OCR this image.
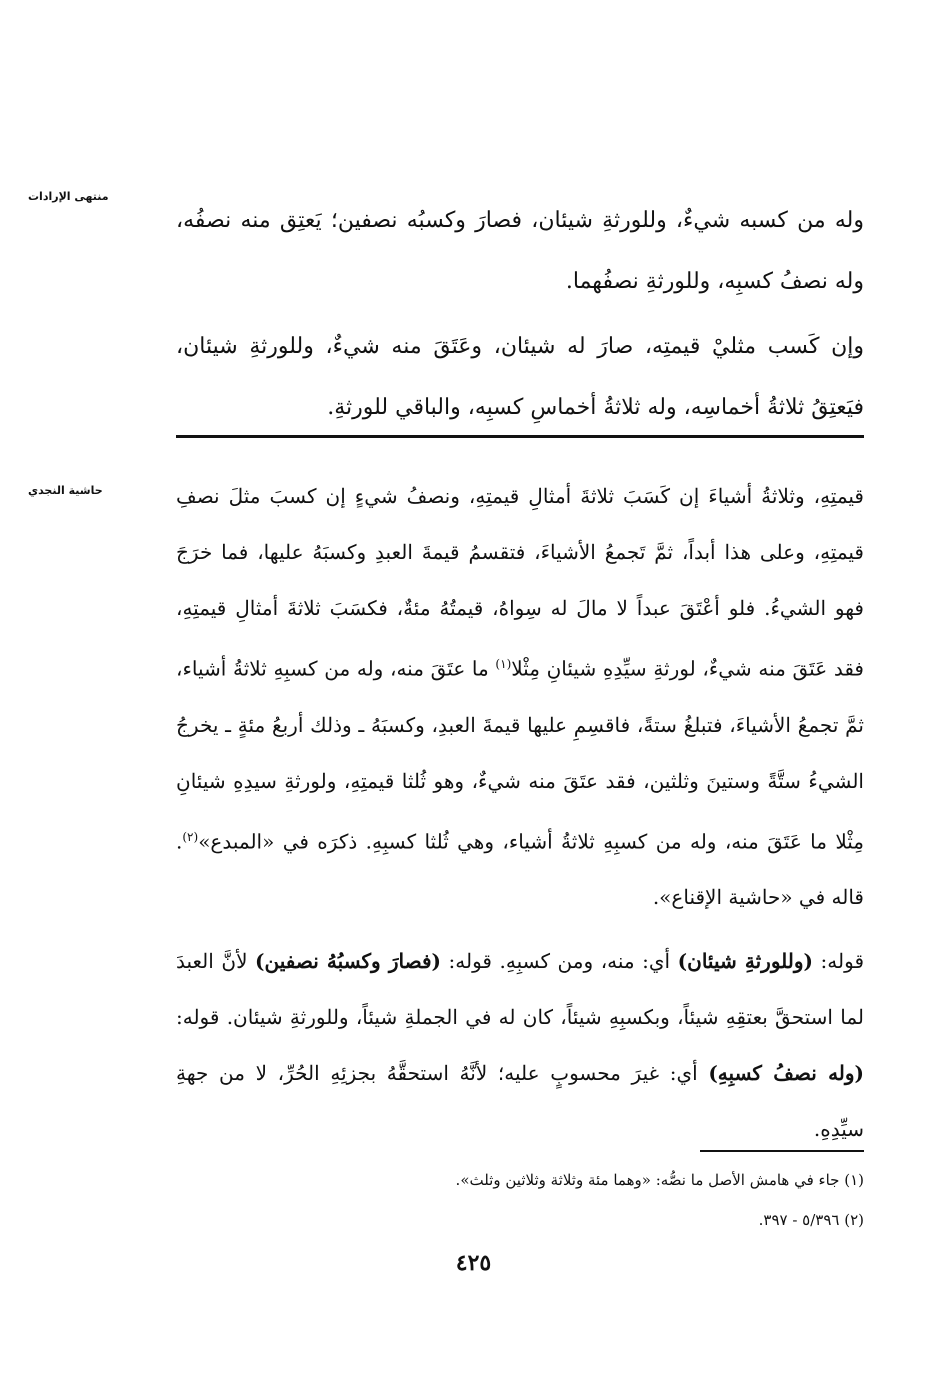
منتهى الإرادات

وله من كسبه شيءٌ، وللورثةِ شيئان، فصارَ وكسبُه نصفين؛ يَعتِق منه نصفُه، وله نصفُ كسبِه، وللورثةِ نصفُهما.

وإن كَسب مثليْ قيمتِه، صارَ له شيئان، وعَتَقَ منه شيءٌ، وللورثةِ شيئان، فيَعتِقُ ثلاثةُ أخماسِه، وله ثلاثةُ أخماسِ كسبِه، والباقي للورثةِ.

حاشية النجدي	قيمتِهِ، وثلاثةُ أشياءَ إن كَسَبَ ثلاثةَ أمثالِ قيمتِهِ، ونصفُ شيءٍ إن كسبَ مثلَ نصفِ قيمتِهِ، وعلى هذا أبداً، ثمَّ تَجمعُ الأشياءَ، فتقسمُ قيمةَ العبدِ وكسبَهُ عليها، فما خرَجَ فهو الشيءُ. فلو أعْتَقَ عبداً لا مالَ له سِواهُ، قيمتُهُ مئةٌ، فكسَبَ ثلاثةَ أمثالِ قيمتِهِ، فقد عَتَقَ منه شيءٌ، لورثةِ سيِّدِهِ شيئانِ مِثْلا$^{(١)}$ ما عتَقَ منه، وله من كسبِهِ ثلاثةُ أشياء، ثمَّ تجمعُ الأشياءَ، فتبلغُ ستةً، فاقسِمِ عليها قيمةَ العبدِ، وكسبَهُ ـ وذلك أربعُ مئةٍ ـ يخرجُ الشيءُ ستَّةً وستينَ وثلثين، فقد عتَقَ منه شيءٌ، وهو ثُلثا قيمتِهِ، ولورثةِ سيدِهِ شيئانِ مِثْلا ما عَتَقَ منه، وله من كسبِهِ ثلاثةُ أشياء، وهي ثُلثا كسبِهِ. ذكرَه في «المبدع»$^{(٢)}$. قاله في «حاشية الإقناع».

قوله: (وللورثةِ شيئان) أي: منه، ومن كسبِهِ. قوله: (فصارَ وكسبُهُ نصفين) لأنَّ العبدَ لما استحقَّ بعتقِهِ شيئاً، وبكسبِهِ شيئاً، كان له في الجملةِ شيئاً، وللورثةِ شيئان. قوله: (وله نصفُ كسبِهِ) أي: غيرَ محسوبٍ عليه؛ لأنَّهُ استحقَّهُ بجزئِهِ الحُرِّ، لا من جهةِ سيِّدِهِ.

(١) جاء في هامش الأصل ما نصُّه: «وهما مئة وثلاثة وثلاثين وثلث».

(٢) ٥/٣٩٦ - ٣٩٧.

٤٢٥
